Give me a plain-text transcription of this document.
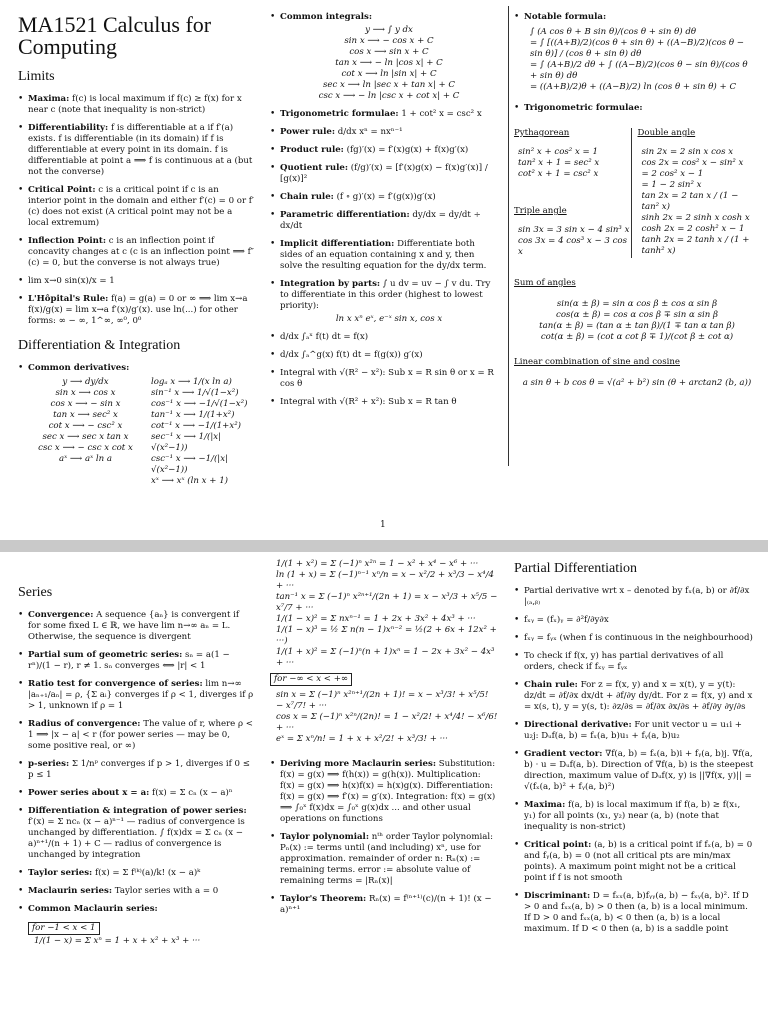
MA1521 Calculus for Computing
Limits
• Maxima: f(c) is local maximum if f(c) ≥ f(x) for x near c (note that inequality is non-strict)
• Differentiability: f is differentiable at a if f′(a) exists. f is differentiable (in its domain) if f is differentiable at every point in its domain. f is differentiable at point a ⟹ f is continuous at a (but not the converse)
• Critical Point: c is a critical point if c is an interior point in the domain and either f′(c) = 0 or f′(c) does not exist (A critical point may not be a local extremum)
• Inflection Point: c is an inflection point if concavity changes at c (c is an inflection point ⟹ f″(c) = 0, but the converse is not always true)
• lim x→0 sin(x)/x = 1
• L'Hôpital's Rule: f(a) = g(a) = 0 or ∞ ⟹ lim x→a f(x)/g(x) = lim x→a f′(x)/g′(x). use ln(...) for other forms: ∞ − ∞, 1^∞, ∞⁰, 0⁰
Differentiation & Integration
• Common derivatives:
y ⟶ dy/dx
sin x ⟶ cos x
cos x ⟶ − sin x
tan x ⟶ sec² x
cot x ⟶ − csc² x
sec x ⟶ sec x tan x
csc x ⟶ − csc x cot x
aˣ ⟶ aˣ ln a
logₐ x ⟶ 1/(x ln a)
sin⁻¹ x ⟶ 1/√(1−x²)
cos⁻¹ x ⟶ −1/√(1−x²)
tan⁻¹ x ⟶ 1/(1+x²)
cot⁻¹ x ⟶ −1/(1+x²)
sec⁻¹ x ⟶ 1/(|x|√(x²−1))
csc⁻¹ x ⟶ −1/(|x|√(x²−1))
xˣ ⟶ xˣ (ln x + 1)
• Common integrals:
y ⟶ ∫ y dx
sin x ⟶ − cos x + C
cos x ⟶ sin x + C
tan x ⟶ − ln |cos x| + C
cot x ⟶ ln |sin x| + C
sec x ⟶ ln |sec x + tan x| + C
csc x ⟶ − ln |csc x + cot x| + C
• Trigonometric formulae: 1 + cot² x = csc² x
• Power rule: d/dx xⁿ = nxⁿ⁻¹
• Product rule: (fg)′(x) = f′(x)g(x) + f(x)g′(x)
• Quotient rule: (f/g)′(x) = [f′(x)g(x) − f(x)g′(x)] / [g(x)]²
• Chain rule: (f ∘ g)′(x) = f′(g(x))g′(x)
• Parametric differentiation: dy/dx = dy/dt ÷ dx/dt
• Implicit differentiation: Differentiate both sides of an equation containing x and y, then solve the resulting equation for the dy/dx term.
• Integration by parts: ∫ u dv = uv − ∫ v du. Try to differentiate in this order (highest to lowest priority):
ln x xⁿ eˣ, e⁻ˣ sin x, cos x
• d/dx ∫ₐˣ f(t) dt = f(x)
• d/dx ∫ₐ^g(x) f(t) dt = f(g(x)) g′(x)
• Integral with √(R² − x²): Sub x = R sin θ or x = R cos θ
• Integral with √(R² + x²): Sub x = R tan θ
• Notable formula:
∫ (A cos θ + B sin θ)/(cos θ + sin θ) dθ
= ∫ [((A+B)/2)(cos θ + sin θ) + ((A−B)/2)(cos θ − sin θ)] / (cos θ + sin θ) dθ
= ∫ (A+B)/2 dθ + ∫ ((A−B)/2)(cos θ − sin θ)/(cos θ + sin θ) dθ
= ((A+B)/2)θ + ((A−B)/2) ln (cos θ + sin θ) + C
• Trigonometric formulae:
Pythagorean
sin² x + cos² x = 1
tan² x + 1 = sec² x
cot² x + 1 = csc² x
Triple angle
sin 3x = 3 sin x − 4 sin³ x
cos 3x = 4 cos³ x − 3 cos x
Double angle
sin 2x = 2 sin x cos x
cos 2x = cos² x − sin² x
= 2 cos² x − 1
= 1 − 2 sin² x
tan 2x = 2 tan x / (1 − tan² x)
sinh 2x = 2 sinh x cosh x
cosh 2x = 2 cosh² x − 1
tanh 2x = 2 tanh x / (1 + tanh² x)
Sum of angles
sin(α ± β) = sin α cos β ± cos α sin β
cos(α ± β) = cos α cos β ∓ sin α sin β
tan(α ± β) = (tan α ± tan β)/(1 ∓ tan α tan β)
cot(α ± β) = (cot α cot β ∓ 1)/(cot β ± cot α)
Linear combination of sine and cosine
a sin θ + b cos θ = √(a² + b²) sin (θ + arctan2 (b, a))
1
Series
• Convergence: A sequence {aₙ} is convergent if for some fixed L ∈ ℝ, we have lim n→∞ aₙ = L. Otherwise, the sequence is divergent
• Partial sum of geometric series: sₙ = a(1 − rⁿ)/(1 − r), r ≠ 1. sₙ converges ⟺ |r| < 1
• Ratio test for convergence of series: lim n→∞ |aₙ₊₁/aₙ| = ρ, {Σ aᵢ} converges if ρ < 1, diverges if ρ > 1, unknown if ρ = 1
• Radius of convergence: The value of r, where ρ < 1 ⟹ |x − a| < r (for power series — may be 0, some positive real, or ∞)
• p-series: Σ 1/nᵖ converges if p > 1, diverges if 0 ≤ p ≤ 1
• Power series about x = a: f(x) = Σ cₙ (x − a)ⁿ
• Differentiation & integration of power series: f′(x) = Σ ncₙ (x − a)ⁿ⁻¹ — radius of convergence is unchanged by differentiation. ∫ f(x)dx = Σ cₙ (x − a)ⁿ⁺¹/(n + 1) + C — radius of convergence is unchanged by integration
• Taylor series: f(x) = Σ f⁽ᵏ⁾(a)/k! (x − a)ᵏ
• Maclaurin series: Taylor series with a = 0
• Common Maclaurin series:
for −1 < x < 1
1/(1 − x) = Σ xⁿ = 1 + x + x² + x³ + ···
1/(1 + x²) = Σ (−1)ⁿ x²ⁿ = 1 − x² + x⁴ − x⁶ + ···
ln (1 + x) = Σ (−1)ⁿ⁻¹ xⁿ/n = x − x²/2 + x³/3 − x⁴/4 + ···
tan⁻¹ x = Σ (−1)ⁿ x²ⁿ⁺¹/(2n + 1) = x − x³/3 + x⁵/5 − x⁷/7 + ···
1/(1 − x)² = Σ nxⁿ⁻¹ = 1 + 2x + 3x² + 4x³ + ···
1/(1 − x)³ = ½ Σ n(n − 1)xⁿ⁻² = ½(2 + 6x + 12x² + ···)
1/(1 + x)² = Σ (−1)ⁿ(n + 1)xⁿ = 1 − 2x + 3x² − 4x³ + ···
for −∞ < x < +∞
sin x = Σ (−1)ⁿ x²ⁿ⁺¹/(2n + 1)! = x − x³/3! + x⁵/5! − x⁷/7! + ···
cos x = Σ (−1)ⁿ x²ⁿ/(2n)! = 1 − x²/2! + x⁴/4! − x⁶/6! + ···
eˣ = Σ xⁿ/n! = 1 + x + x²/2! + x³/3! + ···
• Deriving more Maclaurin series: Substitution: f(x) = g(x) ⟹ f(h(x)) = g(h(x)). Multiplication: f(x) = g(x) ⟹ h(x)f(x) = h(x)g(x). Differentiation: f(x) = g(x) ⟹ f′(x) = g′(x). Integration: f(x) = g(x) ⟹ ∫₀ˣ f(x)dx = ∫₀ˣ g(x)dx ... and other usual operations on functions
• Taylor polynomial: nᵗʰ order Taylor polynomial: Pₙ(x) := terms until (and including) xⁿ, use for approximation. remainder of order n: Rₙ(x) := remaining terms. error := absolute value of remaining terms = |Rₙ(x)|
• Taylor's Theorem: Rₙ(x) = f⁽ⁿ⁺¹⁾(c)/(n + 1)! (x − a)ⁿ⁺¹
Partial Differentiation
• Partial derivative wrt x – denoted by fₓ(a, b) or ∂f/∂x |₍ₐ,ᵦ₎
• fₓᵧ = (fₓ)ᵧ = ∂²f/∂y∂x
• fₓᵧ = fᵧₓ (when f is continuous in the neighbourhood)
• To check if f(x, y) has partial derivatives of all orders, check if fₓᵧ = fᵧₓ
• Chain rule: For z = f(x, y) and x = x(t), y = y(t): dz/dt = ∂f/∂x dx/dt + ∂f/∂y dy/dt. For z = f(x, y) and x = x(s, t), y = y(s, t): ∂z/∂s = ∂f/∂x ∂x/∂s + ∂f/∂y ∂y/∂s
• Directional derivative: For unit vector u = u₁i + u₂j: Dᵤf(a, b) = fₓ(a, b)u₁ + fᵧ(a, b)u₂
• Gradient vector: ∇f(a, b) = fₓ(a, b)i + fᵧ(a, b)j. ∇f(a, b) · u = Dᵤf(a, b). Direction of ∇f(a, b) is the steepest direction, maximum value of Dᵤf(x, y) is ||∇f(x, y)|| = √(fₓ(a, b)² + fᵧ(a, b)²)
• Maxima: f(a, b) is local maximum if f(a, b) ≥ f(x₁, y₁) for all points (x₁, y₂) near (a, b) (note that inequality is non-strict)
• Critical point: (a, b) is a critical point if fₓ(a, b) = 0 and fᵧ(a, b) = 0 (not all critical pts are min/max points). A maximum point might not be a critical point if f is not smooth
• Discriminant: D = fₓₓ(a, b)fᵧᵧ(a, b) − fₓᵧ(a, b)². If D > 0 and fₓₓ(a, b) > 0 then (a, b) is a local minimum. If D > 0 and fₓₓ(a, b) < 0 then (a, b) is a local maximum. If D < 0 then (a, b) is a saddle point
